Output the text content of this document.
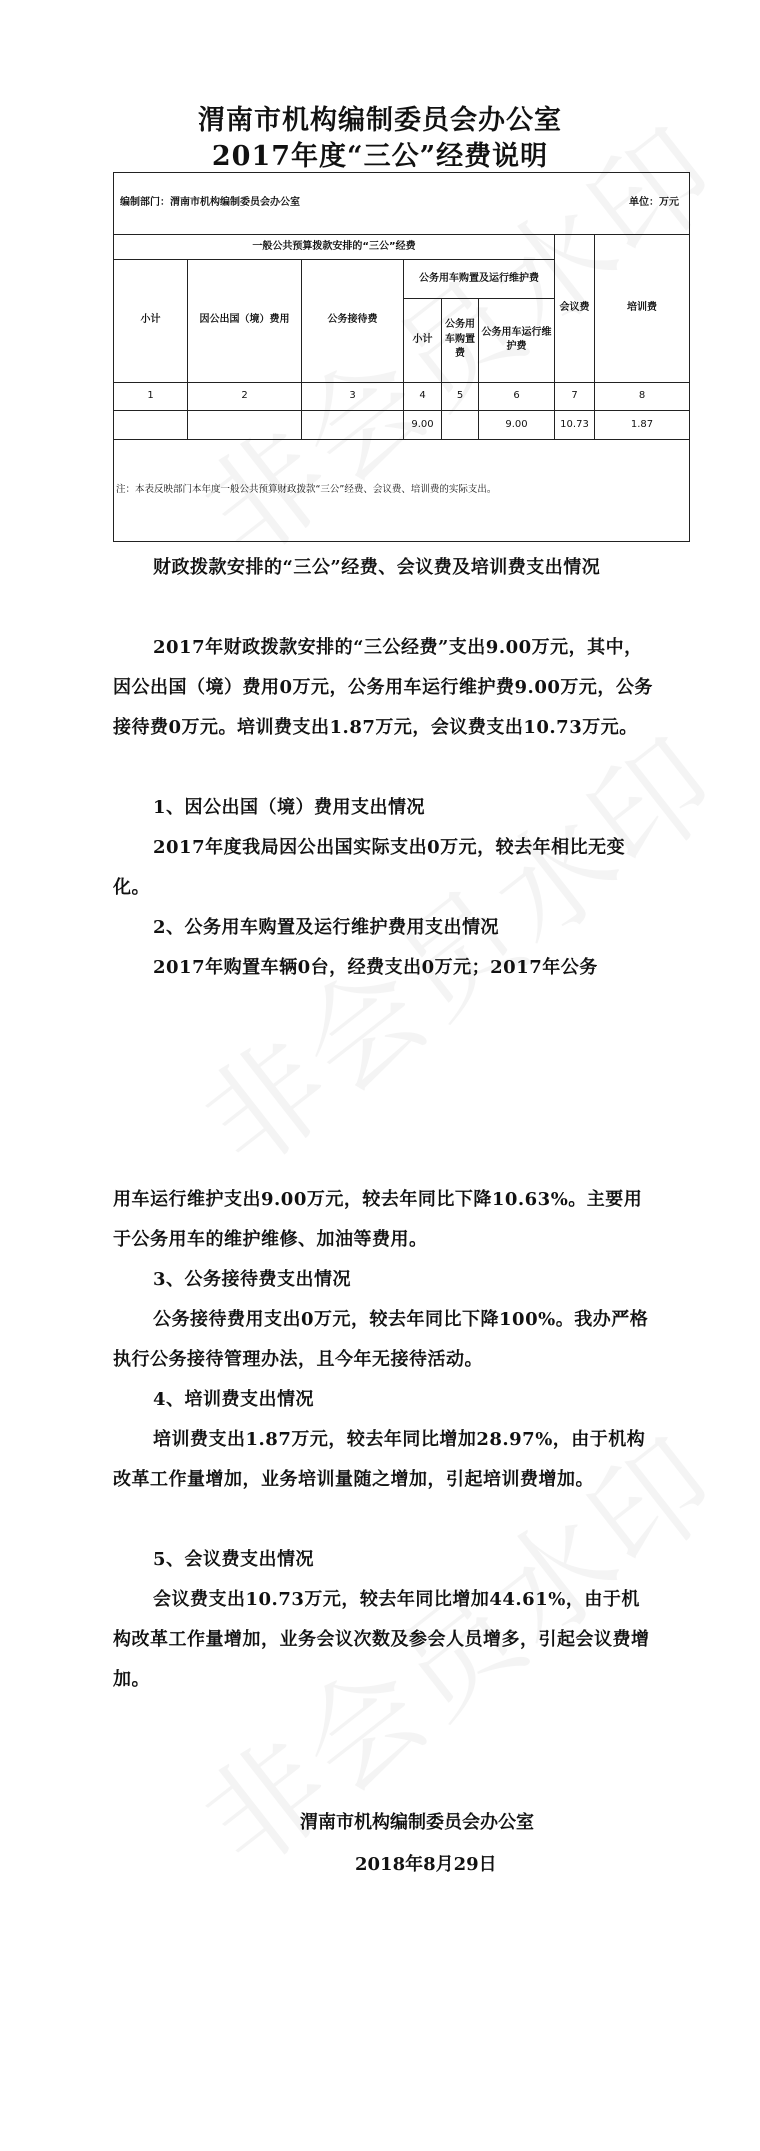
渭南市机构编制委员会办公室
2017年度“三公”经费说明
编制部门：渭南市机构编制委员会办公室 单位：万元							

一般公共预算拨款安排的“三公”经费						会议费	培训费
小计	因公出国（境）费用	公务接待费	公务用车购置及运行维护费				
			小计	公务用车购置费	公务用车运行维护费		
1	2	3	4	5	6	7	8
			9.00		9.00	10.73	1.87
注：本表反映部门本年度一般公共预算财政拨款“三公”经费、会议费、培训费的实际支出。							
财政拨款安排的“三公”经费、会议费及培训费支出情况
2017年财政拨款安排的“三公经费”支出9.00万元，其中，因公出国（境）费用0万元，公务用车运行维护费9.00万元，公务接待费0万元。培训费支出1.87万元，会议费支出10.73万元。
1、因公出国（境）费用支出情况
2017年度我局因公出国实际支出0万元，较去年相比无变化。
2、公务用车购置及运行维护费用支出情况
2017年购置车辆0台，经费支出0万元；2017年公务
用车运行维护支出9.00万元，较去年同比下降10.63%。主要用于公务用车的维护维修、加油等费用。
3、公务接待费支出情况
公务接待费用支出0万元，较去年同比下降100%。我办严格执行公务接待管理办法，且今年无接待活动。
4、培训费支出情况
培训费支出1.87万元，较去年同比增加28.97%，由于机构改革工作量增加，业务培训量随之增加，引起培训费增加。
5、会议费支出情况
会议费支出10.73万元，较去年同比增加44.61%，由于机构改革工作量增加，业务会议次数及参会人员增多，引起会议费增加。
渭南市机构编制委员会办公室
2018年8月29日
